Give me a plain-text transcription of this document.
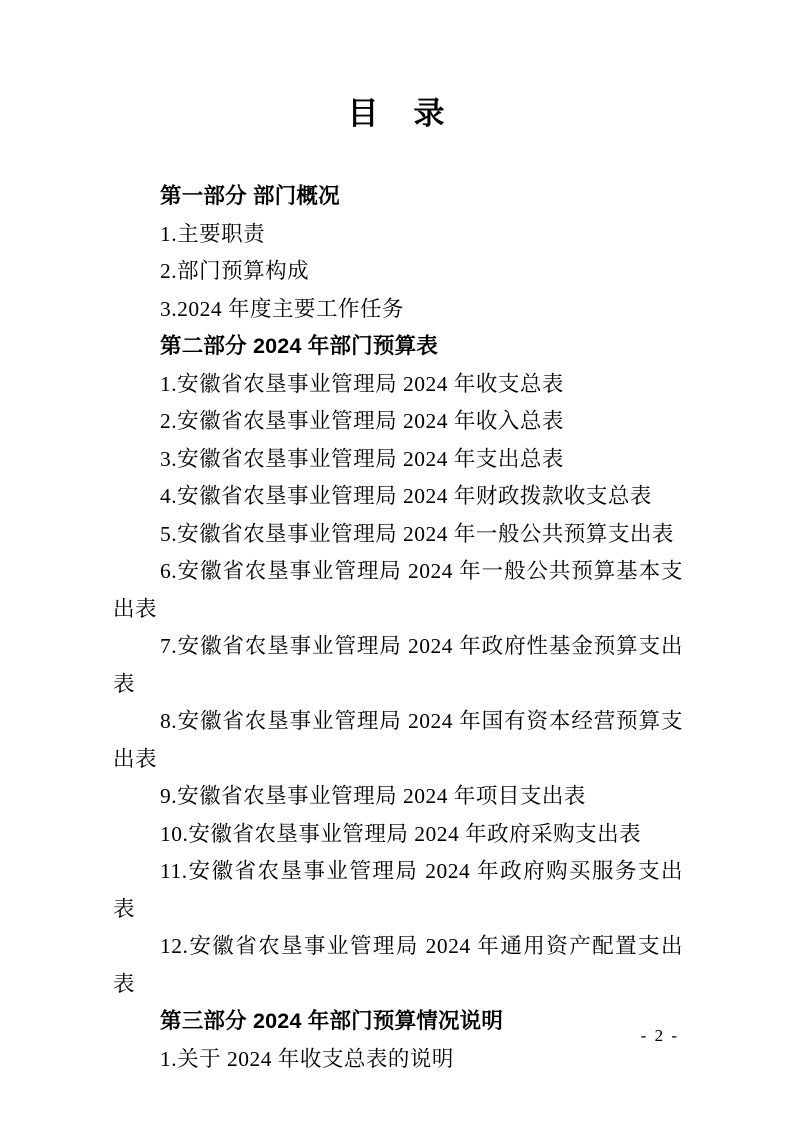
目　录

第一部分 部门概况

1.主要职责

2.部门预算构成

3.2024 年度主要工作任务

第二部分 2024 年部门预算表

1.安徽省农垦事业管理局 2024 年收支总表

2.安徽省农垦事业管理局 2024 年收入总表

3.安徽省农垦事业管理局 2024 年支出总表

4.安徽省农垦事业管理局 2024 年财政拨款收支总表

5.安徽省农垦事业管理局 2024 年一般公共预算支出表

6.安徽省农垦事业管理局 2024 年一般公共预算基本支出表

7.安徽省农垦事业管理局 2024 年政府性基金预算支出表

8.安徽省农垦事业管理局 2024 年国有资本经营预算支出表

9.安徽省农垦事业管理局 2024 年项目支出表

10.安徽省农垦事业管理局 2024 年政府采购支出表

11.安徽省农垦事业管理局 2024 年政府购买服务支出表

12.安徽省农垦事业管理局 2024 年通用资产配置支出表

第三部分 2024 年部门预算情况说明

1.关于 2024 年收支总表的说明

- 2 -
